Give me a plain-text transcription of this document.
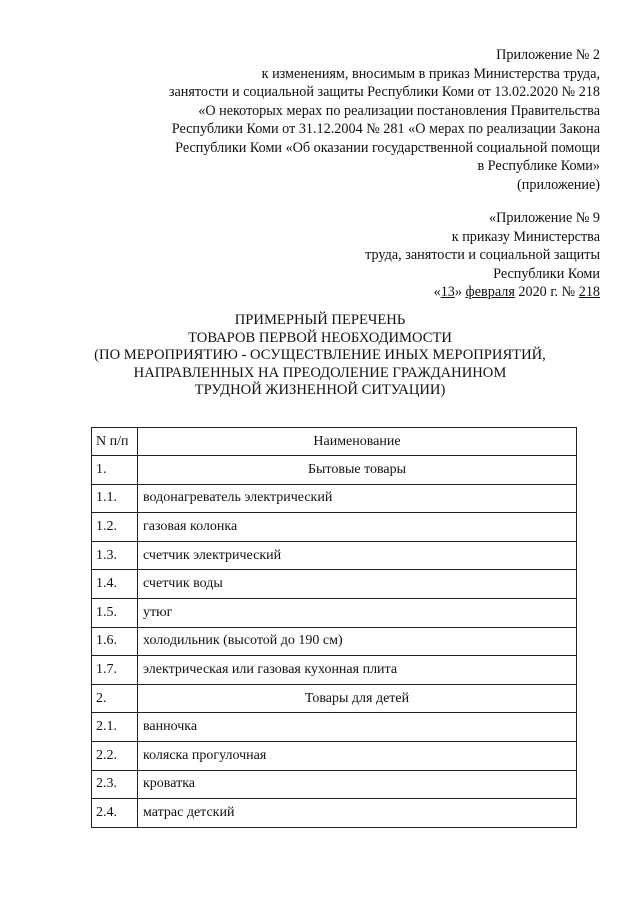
Приложение № 2
к изменениям, вносимым в приказ Министерства труда,
занятости и социальной защиты Республики Коми от 13.02.2020 № 218
«О некоторых мерах по реализации постановления Правительства
Республики Коми от 31.12.2004 № 281 «О мерах по реализации Закона
Республики Коми «Об оказании государственной социальной помощи
в Республике Коми»
(приложение)
«Приложение № 9
к приказу Министерства
труда, занятости и социальной защиты
Республики Коми
«13» февраля 2020 г. № 218
ПРИМЕРНЫЙ ПЕРЕЧЕНЬ
ТОВАРОВ ПЕРВОЙ НЕОБХОДИМОСТИ
(ПО МЕРОПРИЯТИЮ - ОСУЩЕСТВЛЕНИЕ ИНЫХ МЕРОПРИЯТИЙ,
НАПРАВЛЕННЫХ НА ПРЕОДОЛЕНИЕ ГРАЖДАНИНОМ
ТРУДНОЙ ЖИЗНЕННОЙ СИТУАЦИИ)
N п/п	Наименование
1.	Бытовые товары
1.1.	водонагреватель электрический
1.2.	газовая колонка
1.3.	счетчик электрический
1.4.	счетчик воды
1.5.	утюг
1.6.	холодильник (высотой до 190 см)
1.7.	электрическая или газовая кухонная плита
2.	Товары для детей
2.1.	ванночка
2.2.	коляска прогулочная
2.3.	кроватка
2.4.	матрас детский
